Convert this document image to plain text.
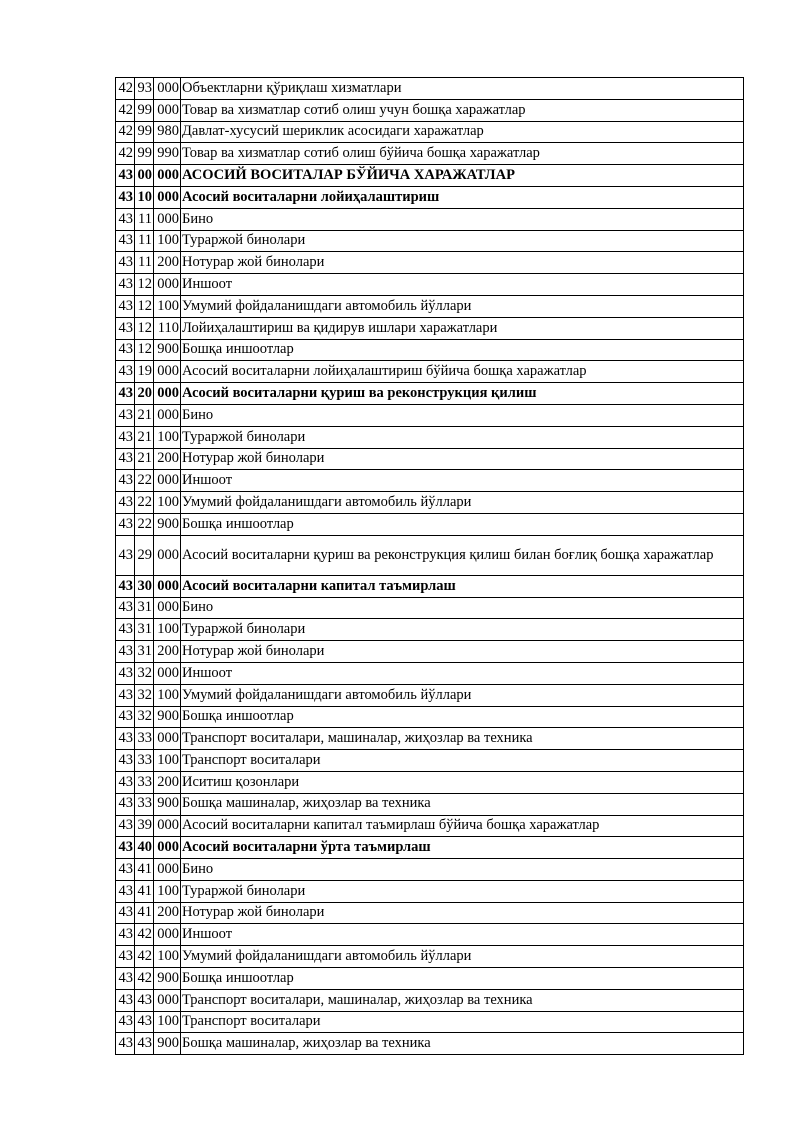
42	93	000	Объектларни қўриқлаш хизматлари
42	99	000	Товар ва хизматлар сотиб олиш учун бошқа харажатлар
42	99	980	Давлат-хусусий шериклик асосидаги харажатлар
42	99	990	Товар ва хизматлар сотиб олиш бўйича бошқа харажатлар
43	00	000	АСОСИЙ ВОСИТАЛАР БЎЙИЧА ХАРАЖАТЛАР
43	10	000	Асосий воситаларни лойиҳалаштириш
43	11	000	Бино
43	11	100	Тураржой бинолари
43	11	200	Нотурар жой бинолари
43	12	000	Иншоот
43	12	100	Умумий фойдаланишдаги автомобиль йўллари
43	12	110	Лойиҳалаштириш ва қидирув ишлари харажатлари
43	12	900	Бошқа иншоотлар
43	19	000	Асосий воситаларни лойиҳалаштириш бўйича бошқа харажатлар
43	20	000	Асосий воситаларни қуриш ва реконструкция қилиш
43	21	000	Бино
43	21	100	Тураржой бинолари
43	21	200	Нотурар жой бинолари
43	22	000	Иншоот
43	22	100	Умумий фойдаланишдаги автомобиль йўллари
43	22	900	Бошқа иншоотлар
43	29	000	Асосий воситаларни қуриш ва реконструкция қилиш билан боғлиқ бошқа харажатлар
43	30	000	Асосий воситаларни капитал таъмирлаш
43	31	000	Бино
43	31	100	Тураржой бинолари
43	31	200	Нотурар жой бинолари
43	32	000	Иншоот
43	32	100	Умумий фойдаланишдаги автомобиль йўллари
43	32	900	Бошқа иншоотлар
43	33	000	Транспорт воситалари, машиналар, жиҳозлар ва техника
43	33	100	Транспорт воситалари
43	33	200	Иситиш қозонлари
43	33	900	Бошқа машиналар, жиҳозлар ва техника
43	39	000	Асосий воситаларни капитал таъмирлаш бўйича бошқа харажатлар
43	40	000	Асосий воситаларни ўрта таъмирлаш
43	41	000	Бино
43	41	100	Тураржой бинолари
43	41	200	Нотурар жой бинолари
43	42	000	Иншоот
43	42	100	Умумий фойдаланишдаги автомобиль йўллари
43	42	900	Бошқа иншоотлар
43	43	000	Транспорт воситалари, машиналар, жиҳозлар ва техника
43	43	100	Транспорт воситалари
43	43	900	Бошқа машиналар, жиҳозлар ва техника
